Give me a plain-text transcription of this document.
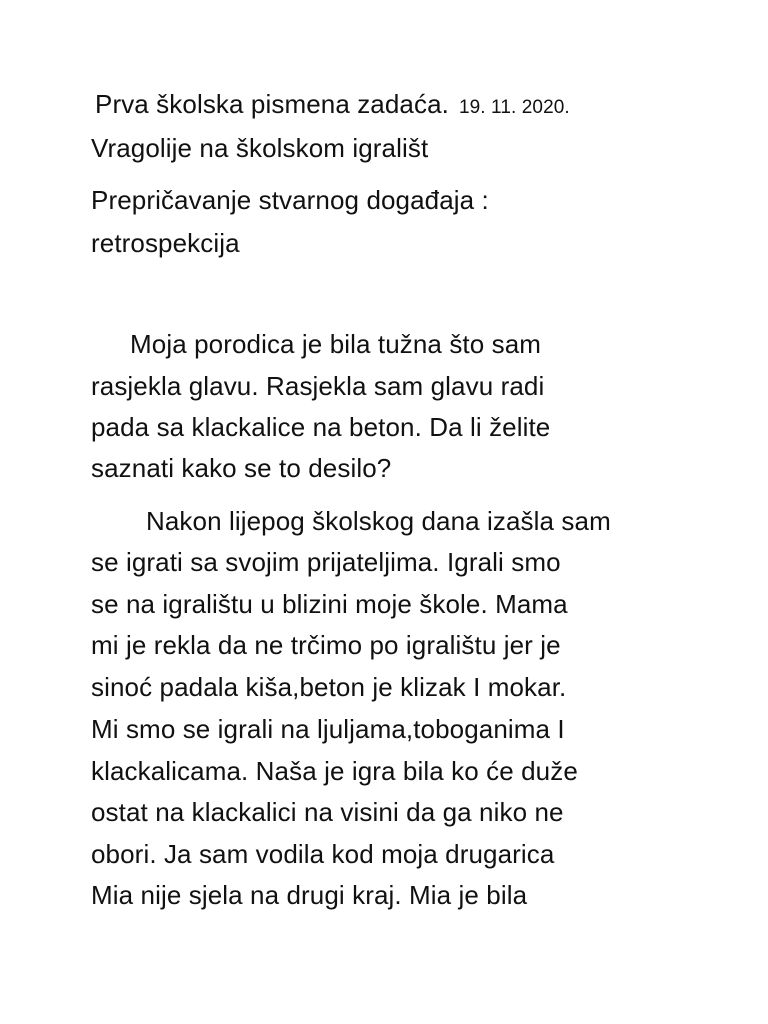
Prva školska pismena zadaća. 19. 11. 2020.
Vragolije na školskom igrališt
Prepričavanje stvarnog događaja :
retrospekcija
Moja porodica je bila tužna što sam
rasjekla glavu. Rasjekla sam glavu radi
pada sa klackalice na beton. Da li želite
saznati kako se to desilo?
Nakon lijepog školskog dana izašla sam
se igrati sa svojim prijateljima. Igrali smo
se na igralištu u blizini moje škole. Mama
mi je rekla da ne trčimo po igralištu jer je
sinoć padala kiša,beton je klizak I mokar.
Mi smo se igrali na ljuljama,toboganima I
klackalicama. Naša je igra bila ko će duže
ostat na klackalici na visini da ga niko ne
obori. Ja sam vodila kod moja drugarica
Mia nije sjela na drugi kraj. Mia je bila
